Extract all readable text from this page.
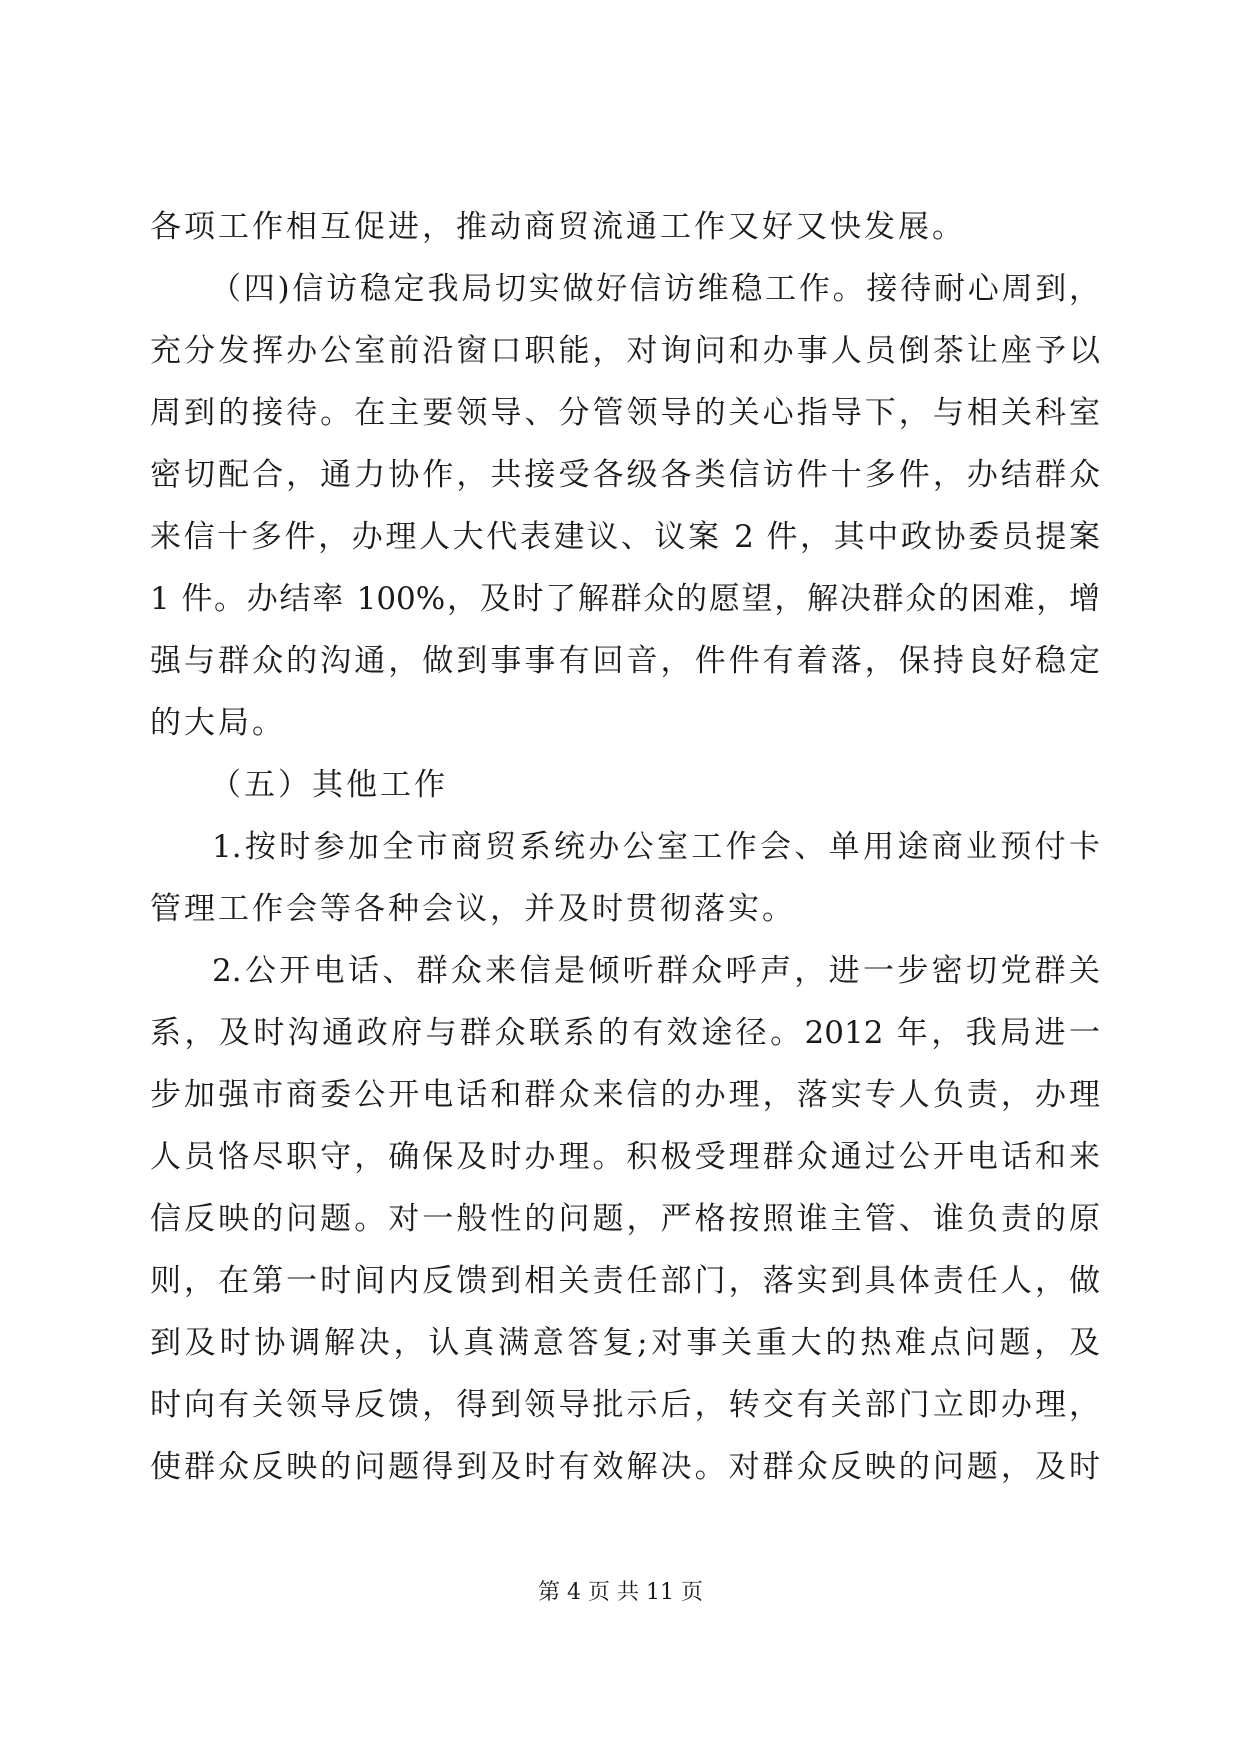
各项工作相互促进，推动商贸流通工作又好又快发展。
（四)信访稳定我局切实做好信访维稳工作。接待耐心周到，
充分发挥办公室前沿窗口职能，对询问和办事人员倒茶让座予以
周到的接待。在主要领导、分管领导的关心指导下，与相关科室
密切配合，通力协作，共接受各级各类信访件十多件，办结群众
来信十多件，办理人大代表建议、议案 2 件，其中政协委员提案
1 件。办结率 100%，及时了解群众的愿望，解决群众的困难，增
强与群众的沟通，做到事事有回音，件件有着落，保持良好稳定
的大局。
（五）其他工作
1.按时参加全市商贸系统办公室工作会、单用途商业预付卡
管理工作会等各种会议，并及时贯彻落实。
2.公开电话、群众来信是倾听群众呼声，进一步密切党群关
系，及时沟通政府与群众联系的有效途径。2012 年，我局进一
步加强市商委公开电话和群众来信的办理，落实专人负责，办理
人员恪尽职守，确保及时办理。积极受理群众通过公开电话和来
信反映的问题。对一般性的问题，严格按照谁主管、谁负责的原
则，在第一时间内反馈到相关责任部门，落实到具体责任人，做
到及时协调解决，认真满意答复;对事关重大的热难点问题，及
时向有关领导反馈，得到领导批示后，转交有关部门立即办理，
使群众反映的问题得到及时有效解决。对群众反映的问题，及时
第 4 页 共 11 页
